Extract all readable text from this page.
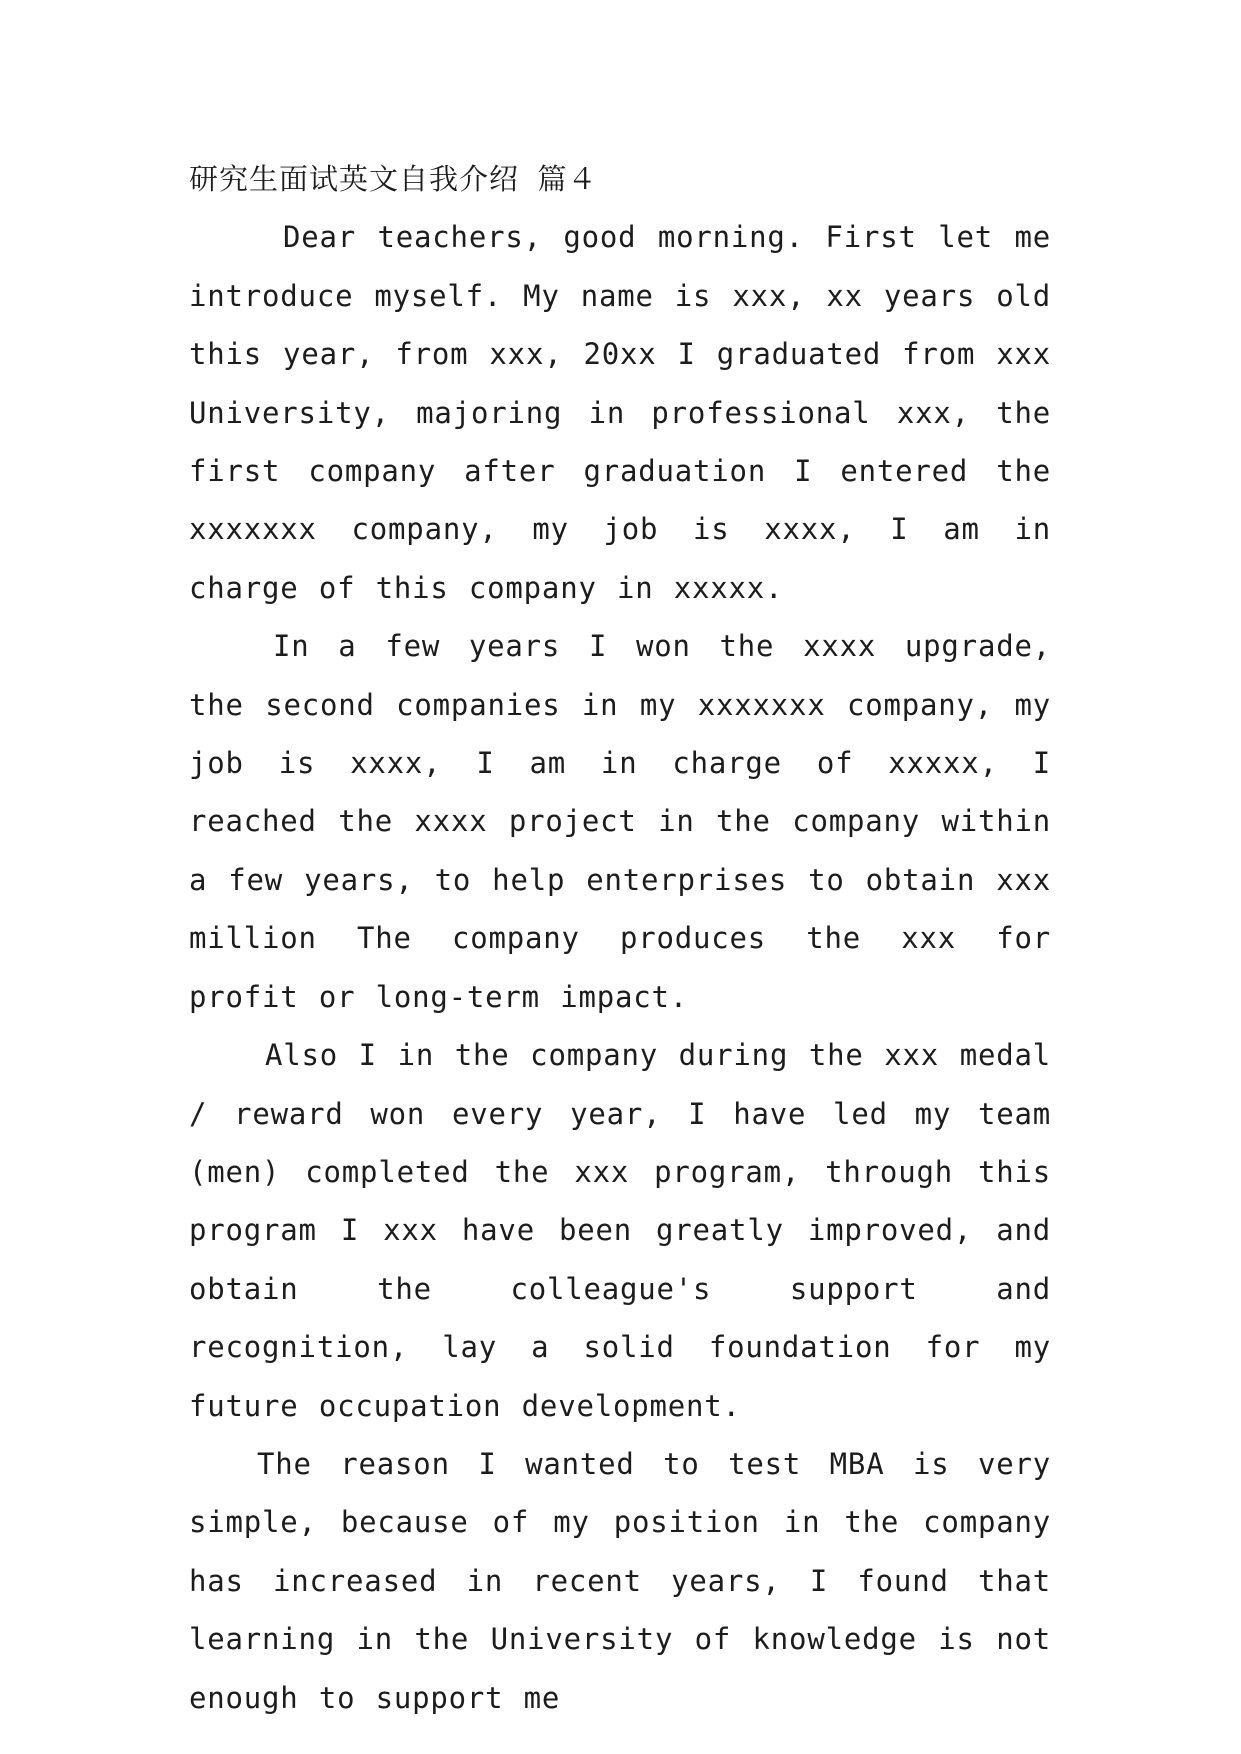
研究生面试英文自我介绍 篇４

Dear teachers, good morning. First let me introduce myself. My name is xxx, xx years old this year, from xxx, 20xx I graduated from xxx University, majoring in professional xxx, the first company after graduation I entered the xxxxxxx company, my job is xxxx, I am in charge of this company in xxxxx.

In a few years I won the xxxx upgrade, the second companies in my xxxxxxx company, my job is xxxx, I am in charge of xxxxx, I reached the xxxx project in the company within a few years, to help enterprises to obtain xxx million The company produces the xxx for profit or long-term impact.

Also I in the company during the xxx medal / reward won every year, I have led my team (men) completed the xxx program, through this program I xxx have been greatly improved, and obtain the colleague's support and recognition, lay a solid foundation for my future occupation development.

The reason I wanted to test MBA is very simple, because of my position in the company has increased in recent years, I found that learning in the University of knowledge is not enough to support me
